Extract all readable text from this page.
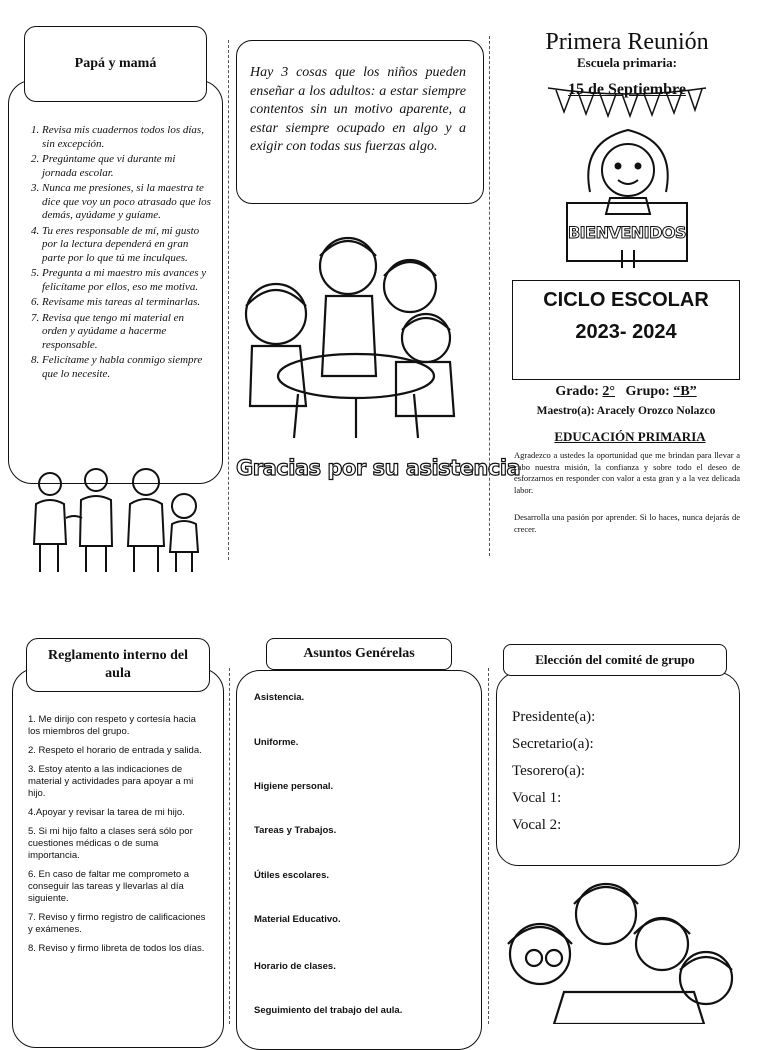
Papá y mamá
1. Revisa mis cuadernos todos los días, sin excepción.
2. Pregúntame que vi durante mi jornada escolar.
3. Nunca me presiones, si la maestra te dice que voy un poco atrasado que los demás, ayúdame y guíame.
4. Tu eres responsable de mí, mi gusto por la lectura dependerá en gran parte por lo que tú me inculques.
5. Pregunta a mi maestro mis avances y felicítame por ellos, eso me motiva.
6. Revísame mis tareas al terminarlas.
7. Revisa que tengo mi material en orden y ayúdame a hacerme responsable.
8. Felicítame y habla conmigo siempre que lo necesite.
Hay 3 cosas que los niños pueden enseñar a los adultos: a estar siempre contentos sin un motivo aparente, a estar siempre ocupado en algo y a exigir con todas sus fuerzas algo.
Gracias por su asistencia
Primera Reunión
Escuela primaria:
15 de Septiembre
BIENVENIDOS
CICLO ESCOLAR
2023- 2024
Grado: 2° Grupo: “B”
Maestro(a): Aracely Orozco Nolazco
EDUCACIÓN PRIMARIA
Agradezco a ustedes la oportunidad que me brindan para llevar a cabo nuestra misión, la confianza y sobre todo el deseo de esforzarnos en responder con valor a esta gran y a la vez delicada labor.
Desarrolla una pasión por aprender. Si lo haces, nunca dejarás de crecer.
Reglamento interno del aula

1. Me dirijo con respeto y cortesía hacia los miembros del grupo.

2. Respeto el horario de entrada y salida.

3. Estoy atento a las indicaciones de material y actividades para apoyar a mi hijo.

4.Apoyar y revisar la tarea de mi hijo.

5. Si mi hijo falto a clases será sólo por cuestiones médicas o de suma importancia.

6. En caso de faltar me comprometo a conseguir las tareas y llevarlas al día siguiente.

7. Reviso y firmo registro de calificaciones y exámenes.

8. Reviso y firmo libreta de todos los días.

Asuntos Genérelas

Asistencia.

Uniforme.

Higiene personal.

Tareas y Trabajos.

Útiles escolares.

Material Educativo.

Horario de clases.

Seguimiento del trabajo del aula.

Elección del comité de grupo

Presidente(a):

Secretario(a):

Tesorero(a):

Vocal 1:

Vocal 2:
